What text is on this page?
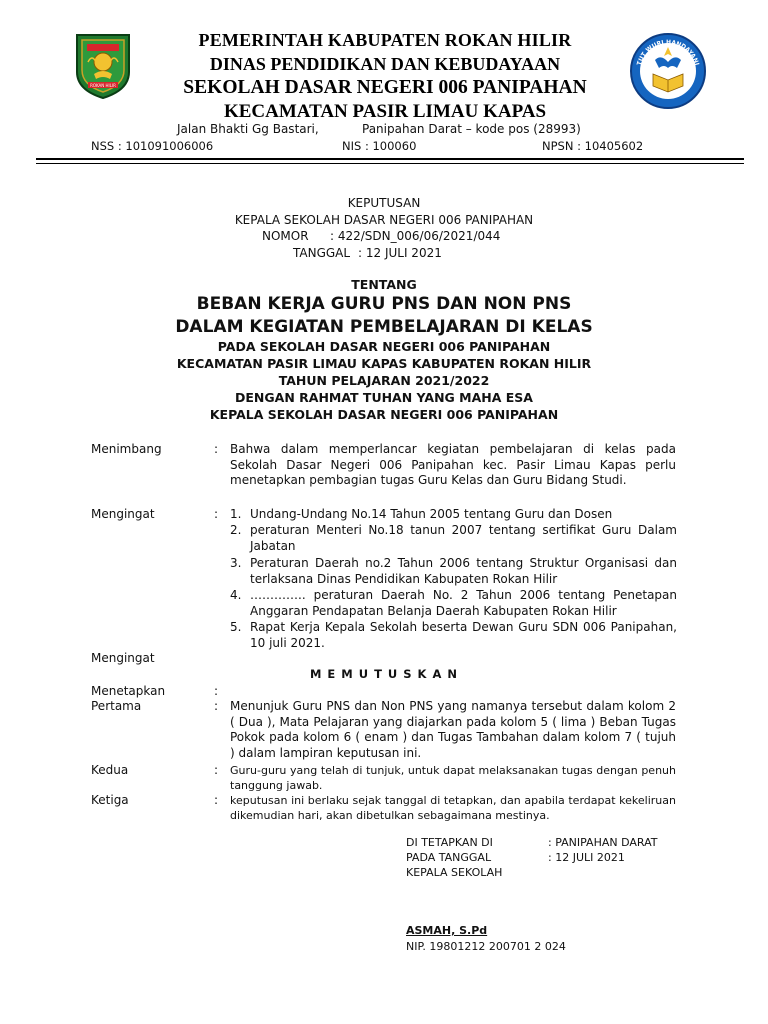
ROKAN HILIR
PEMERINTAH KABUPATEN ROKAN HILIR
DINAS PENDIDIKAN DAN KEBUDAYAAN
SEKOLAH DASAR NEGERI 006 PANIPAHAN
KECAMATAN PASIR LIMAU KAPAS
TUT WURI HANDAYANI
Jalan Bhakti Gg Bastari,	Panipahan Darat – kode pos (28993)
NSS : 101091006006	NIS : 100060	NPSN : 10405602
KEPUTUSAN
KEPALA SEKOLAH DASAR NEGERI 006 PANIPAHAN
NOMOR : 422/SDN_006/06/2021/044
TANGGAL : 12 JULI 2021
TENTANG
BEBAN KERJA GURU PNS DAN NON PNS
DALAM KEGIATAN PEMBELAJARAN DI KELAS
PADA SEKOLAH DASAR NEGERI 006 PANIPAHAN
KECAMATAN PASIR LIMAU KAPAS KABUPATEN ROKAN HILIR
TAHUN PELAJARAN 2021/2022
DENGAN RAHMAT TUHAN YANG MAHA ESA
KEPALA SEKOLAH DASAR NEGERI 006 PANIPAHAN
Menimbang	: Bahwa dalam memperlancar kegiatan pembelajaran di kelas pada Sekolah Dasar Negeri 006 Panipahan kec. Pasir Limau Kapas perlu menetapkan pembagian tugas Guru Kelas dan Guru Bidang Studi.
Mengingat	: 1. Undang-Undang No.14 Tahun 2005 tentang Guru dan Dosen
2. peraturan Menteri No.18 tanun 2007 tentang sertifikat Guru Dalam Jabatan
3. Peraturan Daerah no.2 Tahun 2006 tentang Struktur Organisasi dan terlaksana Dinas Pendidikan Kabupaten Rokan Hilir
4. ………….. peraturan Daerah No. 2 Tahun 2006 tentang Penetapan Anggaran Pendapatan Belanja Daerah Kabupaten Rokan Hilir
5. Rapat Kerja Kepala Sekolah beserta Dewan Guru SDN 006 Panipahan, 10 juli 2021.
Mengingat
M E M U T U S K A N
Menetapkan	:
Pertama	: Menunjuk Guru PNS dan Non PNS yang namanya tersebut dalam kolom 2 ( Dua ), Mata Pelajaran yang diajarkan pada kolom 5 ( lima ) Beban Tugas Pokok pada kolom 6 ( enam ) dan Tugas Tambahan dalam kolom 7 ( tujuh ) dalam lampiran keputusan ini.
Kedua	: Guru-guru yang telah di tunjuk, untuk dapat melaksanakan tugas dengan penuh tanggung jawab.
Ketiga	: keputusan ini berlaku sejak tanggal di tetapkan, dan apabila terdapat kekeliruan dikemudian hari, akan dibetulkan sebagaimana mestinya.
DI TETAPKAN DI	: PANIPAHAN DARAT
PADA TANGGAL	: 12 JULI 2021
KEPALA SEKOLAH
ASMAH, S.Pd
NIP. 19801212 200701 2 024
